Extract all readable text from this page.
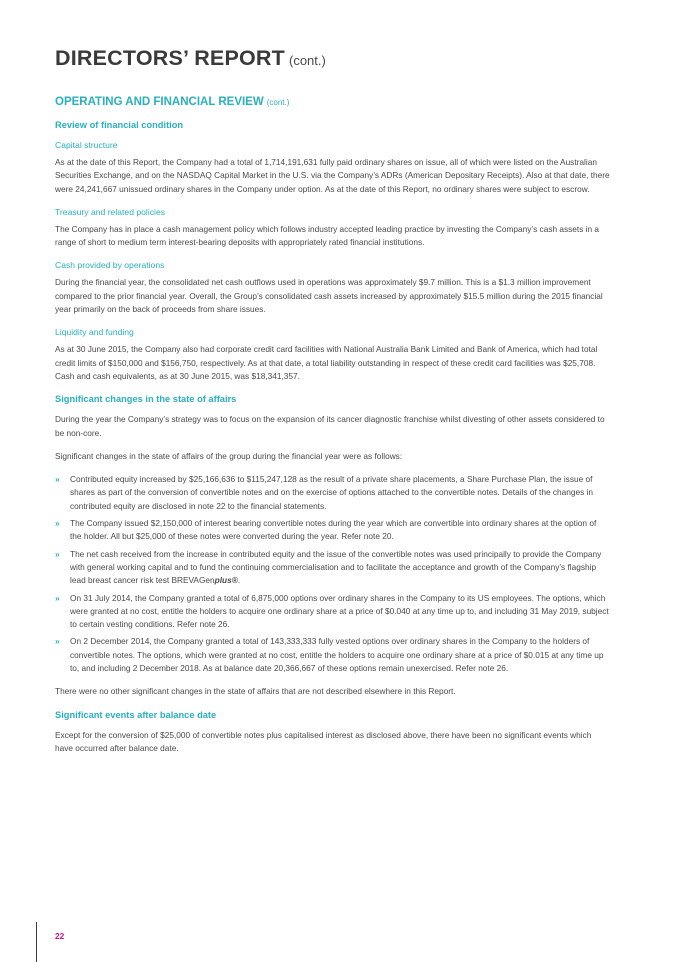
DIRECTORS’ REPORT (cont.)
OPERATING AND FINANCIAL REVIEW (cont.)
Review of financial condition
Capital structure

As at the date of this Report, the Company had a total of 1,714,191,631 fully paid ordinary shares on issue, all of which were listed on the Australian Securities Exchange, and on the NASDAQ Capital Market in the U.S. via the Company’s ADRs (American Depositary Receipts). Also at that date, there were 24,241,667 unissued ordinary shares in the Company under option. As at the date of this Report, no ordinary shares were subject to escrow.

Treasury and related policies

The Company has in place a cash management policy which follows industry accepted leading practice by investing the Company’s cash assets in a range of short to medium term interest-bearing deposits with appropriately rated financial institutions.

Cash provided by operations

During the financial year, the consolidated net cash outflows used in operations was approximately $9.7 million. This is a $1.3 million improvement compared to the prior financial year. Overall, the Group’s consolidated cash assets increased by approximately $15.5 million during the 2015 financial year primarily on the back of proceeds from share issues.

Liquidity and funding

As at 30 June 2015, the Company also had corporate credit card facilities with National Australia Bank Limited and Bank of America, which had total credit limits of $150,000 and $156,750, respectively. As at that date, a total liability outstanding in respect of these credit card facilities was $25,708. Cash and cash equivalents, as at 30 June 2015, was $18,341,357.

Significant changes in the state of affairs

During the year the Company’s strategy was to focus on the expansion of its cancer diagnostic franchise whilst divesting of other assets considered to be non-core.

Significant changes in the state of affairs of the group during the financial year were as follows:

» Contributed equity increased by $25,166,636 to $115,247,128 as the result of a private share placements, a Share Purchase Plan, the issue of shares as part of the conversion of convertible notes and on the exercise of options attached to the convertible notes. Details of the changes in contributed equity are disclosed in note 22 to the financial statements.
» The Company issued $2,150,000 of interest bearing convertible notes during the year which are convertible into ordinary shares at the option of the holder. All but $25,000 of these notes were converted during the year. Refer note 20.
» The net cash received from the increase in contributed equity and the issue of the convertible notes was used principally to provide the Company with general working capital and to fund the continuing commercialisation and to facilitate the acceptance and growth of the Company’s flagship lead breast cancer risk test BREVAGenplus®.
» On 31 July 2014, the Company granted a total of 6,875,000 options over ordinary shares in the Company to its US employees. The options, which were granted at no cost, entitle the holders to acquire one ordinary share at a price of $0.040 at any time up to, and including 31 May 2019, subject to certain vesting conditions. Refer note 26.
» On 2 December 2014, the Company granted a total of 143,333,333 fully vested options over ordinary shares in the Company to the holders of convertible notes. The options, which were granted at no cost, entitle the holders to acquire one ordinary share at a price of $0.015 at any time up to, and including 2 December 2018. As at balance date 20,366,667 of these options remain unexercised. Refer note 26.

There were no other significant changes in the state of affairs that are not described elsewhere in this Report.

Significant events after balance date

Except for the conversion of $25,000 of convertible notes plus capitalised interest as disclosed above, there have been no significant events which have occurred after balance date.

22
